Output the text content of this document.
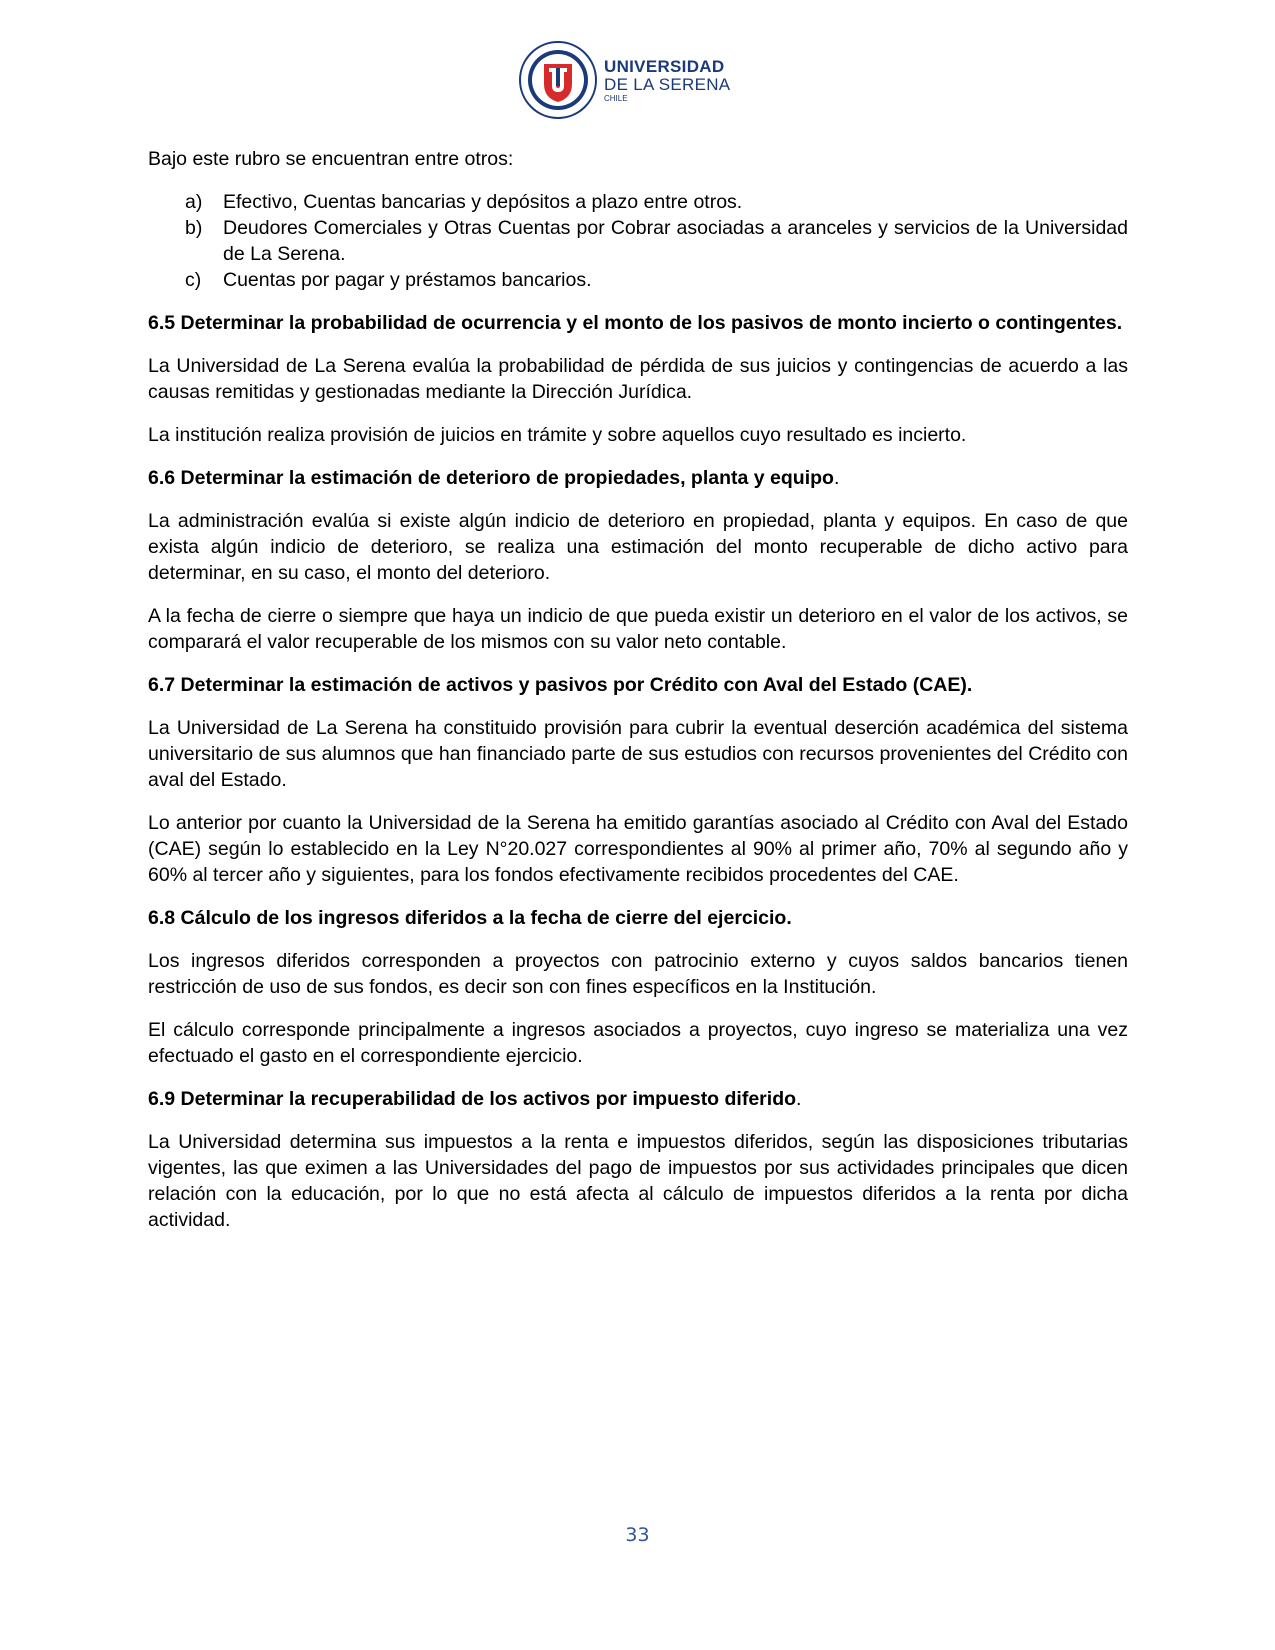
UNIVERSIDAD
DE LA SERENA
CHILE

Bajo este rubro se encuentran entre otros:

a)	Efectivo, Cuentas bancarias y depósitos a plazo entre otros.
b)	Deudores Comerciales y Otras Cuentas por Cobrar asociadas a aranceles y servicios de la Universidad de La Serena.
c)	Cuentas por pagar y préstamos bancarios.

6.5 Determinar la probabilidad de ocurrencia y el monto de los pasivos de monto incierto o contingentes.

La Universidad de La Serena evalúa la probabilidad de pérdida de sus juicios y contingencias de acuerdo a las causas remitidas y gestionadas mediante la Dirección Jurídica.

La institución realiza provisión de juicios en trámite y sobre aquellos cuyo resultado es incierto.

6.6 Determinar la estimación de deterioro de propiedades, planta y equipo.

La administración evalúa si existe algún indicio de deterioro en propiedad, planta y equipos. En caso de que exista algún indicio de deterioro, se realiza una estimación del monto recuperable de dicho activo para determinar, en su caso, el monto del deterioro.

A la fecha de cierre o siempre que haya un indicio de que pueda existir un deterioro en el valor de los activos, se comparará el valor recuperable de los mismos con su valor neto contable.

6.7 Determinar la estimación de activos y pasivos por Crédito con Aval del Estado (CAE).

La Universidad de La Serena ha constituido provisión para cubrir la eventual deserción académica del sistema universitario de sus alumnos que han financiado parte de sus estudios con recursos provenientes del Crédito con aval del Estado.

Lo anterior por cuanto la Universidad de la Serena ha emitido garantías asociado al Crédito con Aval del Estado (CAE) según lo establecido en la Ley N°20.027 correspondientes al 90% al primer año, 70% al segundo año y 60% al tercer año y siguientes, para los fondos efectivamente recibidos procedentes del CAE.

6.8 Cálculo de los ingresos diferidos a la fecha de cierre del ejercicio.

Los ingresos diferidos corresponden a proyectos con patrocinio externo y cuyos saldos bancarios tienen restricción de uso de sus fondos, es decir son con fines específicos en la Institución.

El cálculo corresponde principalmente a ingresos asociados a proyectos, cuyo ingreso se materializa una vez efectuado el gasto en el correspondiente ejercicio.

6.9 Determinar la recuperabilidad de los activos por impuesto diferido.

La Universidad determina sus impuestos a la renta e impuestos diferidos, según las disposiciones tributarias vigentes, las que eximen a las Universidades del pago de impuestos por sus actividades principales que dicen relación con la educación, por lo que no está afecta al cálculo de impuestos diferidos a la renta por dicha actividad.

33
